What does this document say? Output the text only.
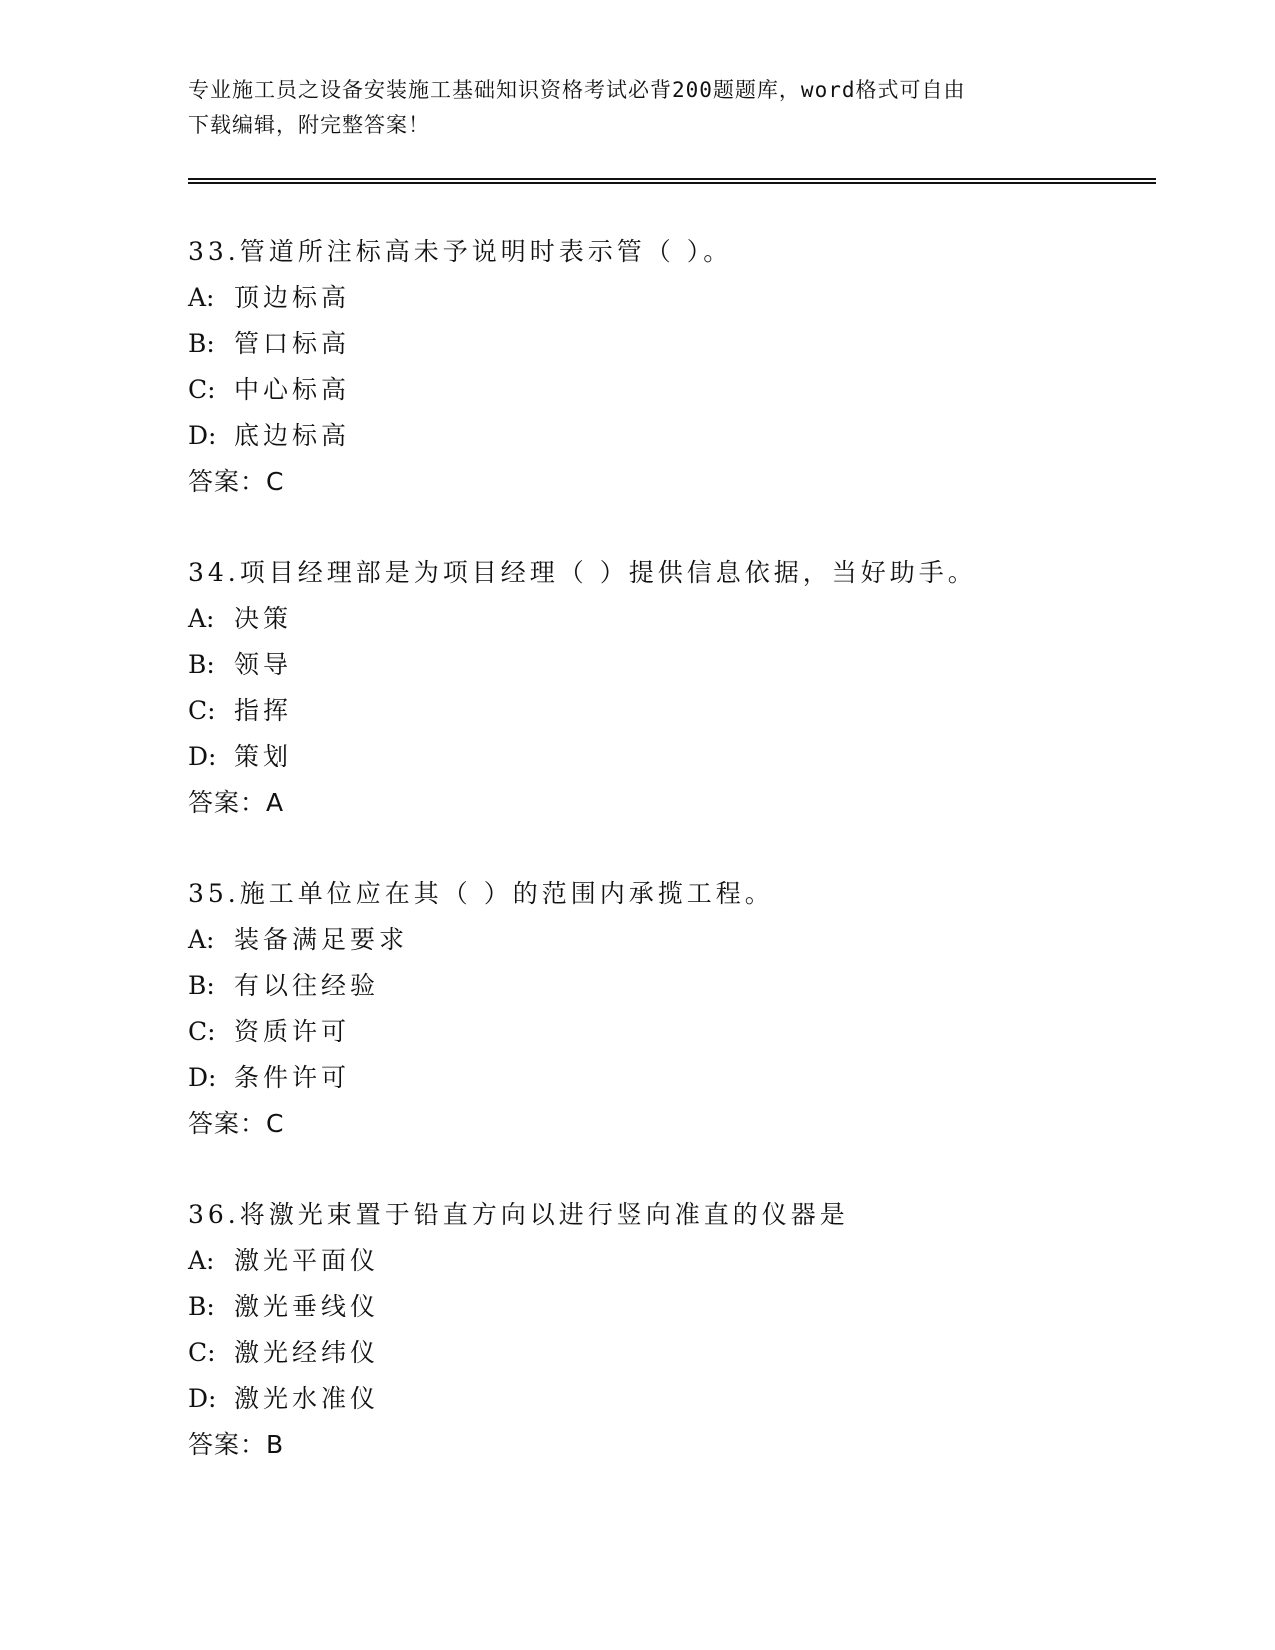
专业施工员之设备安装施工基础知识资格考试必背200题题库，word格式可自由
下载编辑，附完整答案！
33.管道所注标高未予说明时表示管（ ）。
A: 顶边标高
B: 管口标高
C: 中心标高
D: 底边标高
答案：C
34.项目经理部是为项目经理（ ）提供信息依据，当好助手。
A: 决策
B: 领导
C: 指挥
D: 策划
答案：A
35.施工单位应在其（ ）的范围内承揽工程。
A: 装备满足要求
B: 有以往经验
C: 资质许可
D: 条件许可
答案：C
36.将激光束置于铅直方向以进行竖向准直的仪器是
A: 激光平面仪
B: 激光垂线仪
C: 激光经纬仪
D: 激光水准仪
答案：B
